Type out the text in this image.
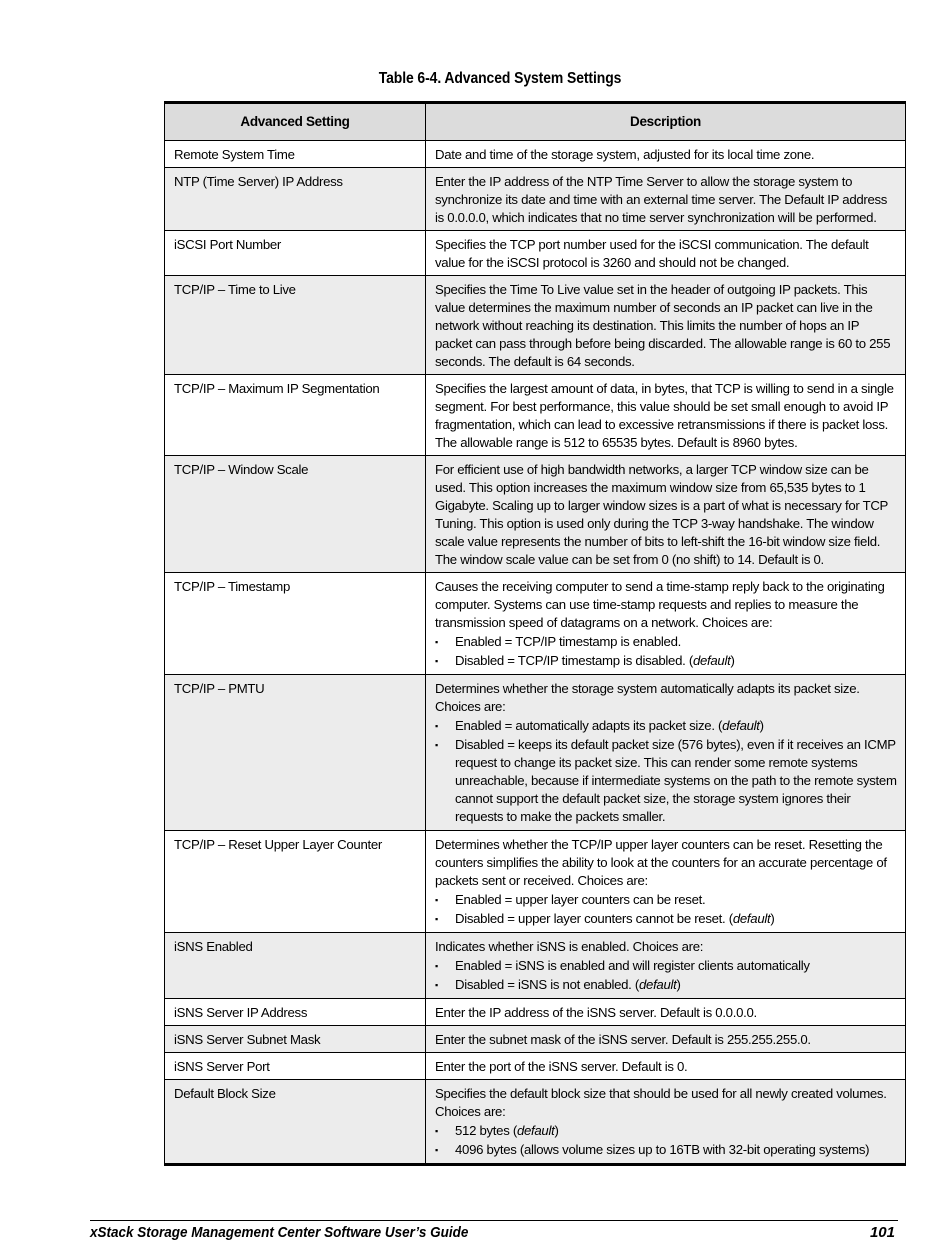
Table 6-4. Advanced System Settings
Advanced Setting	Description
Remote System Time	Date and time of the storage system, adjusted for its local time zone.
NTP (Time Server) IP Address	Enter the IP address of the NTP Time Server to allow the storage system to synchronize its date and time with an external time server. The Default IP address is 0.0.0.0, which indicates that no time server synchronization will be performed.
iSCSI Port Number	Specifies the TCP port number used for the iSCSI communication. The default value for the iSCSI protocol is 3260 and should not be changed.
TCP/IP – Time to Live	Specifies the Time To Live value set in the header of outgoing IP packets. This value determines the maximum number of seconds an IP packet can live in the network without reaching its destination. This limits the number of hops an IP packet can pass through before being discarded. The allowable range is 60 to 255 seconds. The default is 64 seconds.
TCP/IP – Maximum IP Segmentation	Specifies the largest amount of data, in bytes, that TCP is willing to send in a single segment. For best performance, this value should be set small enough to avoid IP fragmentation, which can lead to excessive retransmissions if there is packet loss. The allowable range is 512 to 65535 bytes. Default is 8960 bytes.
TCP/IP – Window Scale	For efficient use of high bandwidth networks, a larger TCP window size can be used. This option increases the maximum window size from 65,535 bytes to 1 Gigabyte. Scaling up to larger window sizes is a part of what is necessary for TCP Tuning. This option is used only during the TCP 3-way handshake. The window scale value represents the number of bits to left-shift the 16-bit window size field. The window scale value can be set from 0 (no shift) to 14. Default is 0.
TCP/IP – Timestamp	Causes the receiving computer to send a time-stamp reply back to the originating computer. Systems can use time-stamp requests and replies to measure the transmission speed of datagrams on a network. Choices are:
▪ Enabled = TCP/IP timestamp is enabled.
▪ Disabled = TCP/IP timestamp is disabled. (default)

TCP/IP – PMTU	Determines whether the storage system automatically adapts its packet size. Choices are:
▪ Enabled = automatically adapts its packet size. (default)
▪ Disabled = keeps its default packet size (576 bytes), even if it receives an ICMP request to change its packet size. This can render some remote systems unreachable, because if intermediate systems on the path to the remote system cannot support the default packet size, the storage system ignores their requests to make the packets smaller.

TCP/IP – Reset Upper Layer Counter	Determines whether the TCP/IP upper layer counters can be reset. Resetting the counters simplifies the ability to look at the counters for an accurate percentage of packets sent or received. Choices are:
▪ Enabled = upper layer counters can be reset.
▪ Disabled = upper layer counters cannot be reset. (default)

iSNS Enabled	Indicates whether iSNS is enabled. Choices are:
▪ Enabled = iSNS is enabled and will register clients automatically
▪ Disabled = iSNS is not enabled. (default)

iSNS Server IP Address	Enter the IP address of the iSNS server. Default is 0.0.0.0.
iSNS Server Subnet Mask	Enter the subnet mask of the iSNS server. Default is 255.255.255.0.
iSNS Server Port	Enter the port of the iSNS server. Default is 0.
Default Block Size	Specifies the default block size that should be used for all newly created volumes. Choices are:
▪ 512 bytes (default)
▪ 4096 bytes (allows volume sizes up to 16TB with 32-bit operating systems)
xStack Storage Management Center Software User’s Guide	101
